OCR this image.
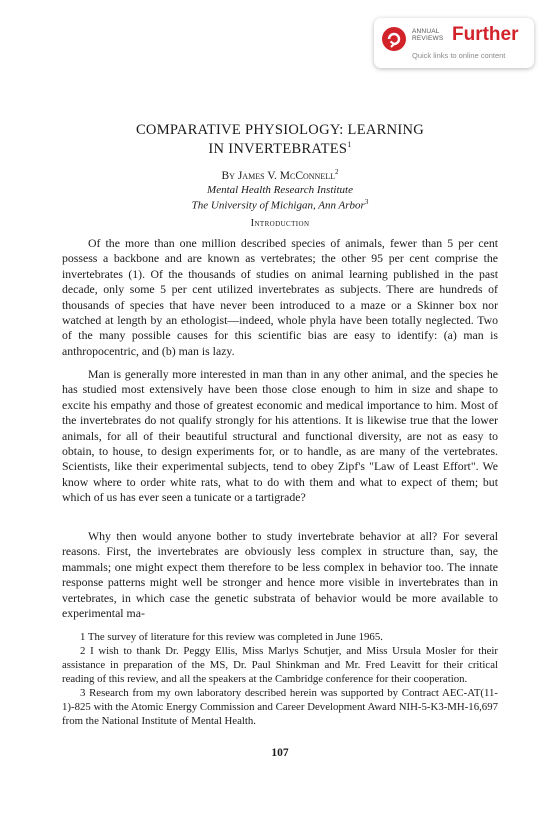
ANNUAL
REVIEWS Further
Quick links to online content
COMPARATIVE PHYSIOLOGY: LEARNING
IN INVERTEBRATES$^1$
By James V. McConnell$^2$
Mental Health Research Institute
The University of Michigan, Ann Arbor$^3$
Introduction

Of the more than one million described species of animals, fewer than 5 per cent possess a backbone and are known as vertebrates; the other 95 per cent comprise the invertebrates (1). Of the thousands of studies on animal learning published in the past decade, only some 5 per cent utilized invertebrates as subjects. There are hundreds of thousands of species that have never been introduced to a maze or a Skinner box nor watched at length by an ethologist—indeed, whole phyla have been totally neglected. Two of the many possible causes for this scientific bias are easy to identify: (a) man is anthropocentric, and (b) man is lazy.

Man is generally more interested in man than in any other animal, and the species he has studied most extensively have been those close enough to him in size and shape to excite his empathy and those of greatest economic and medical importance to him. Most of the invertebrates do not qualify strongly for his attentions. It is likewise true that the lower animals, for all of their beautiful structural and functional diversity, are not as easy to obtain, to house, to design experiments for, or to handle, as are many of the vertebrates. Scientists, like their experimental subjects, tend to obey Zipf's "Law of Least Effort". We know where to order white rats, what to do with them and what to expect of them; but which of us has ever seen a tunicate or a tartigrade?

Why then would anyone bother to study invertebrate behavior at all? For several reasons. First, the invertebrates are obviously less complex in structure than, say, the mammals; one might expect them therefore to be less complex in behavior too. The innate response patterns might well be stronger and hence more visible in invertebrates than in vertebrates, in which case the genetic substrata of behavior would be more available to experimental ma-

1 The survey of literature for this review was completed in June 1965.

2 I wish to thank Dr. Peggy Ellis, Miss Marlys Schutjer, and Miss Ursula Mosler for their assistance in preparation of the MS, Dr. Paul Shinkman and Mr. Fred Leavitt for their critical reading of this review, and all the speakers at the Cambridge conference for their cooperation.

3 Research from my own laboratory described herein was supported by Contract AEC-AT(11-1)-825 with the Atomic Energy Commission and Career Development Award NIH-5-K3-MH-16,697 from the National Institute of Mental Health.

107
